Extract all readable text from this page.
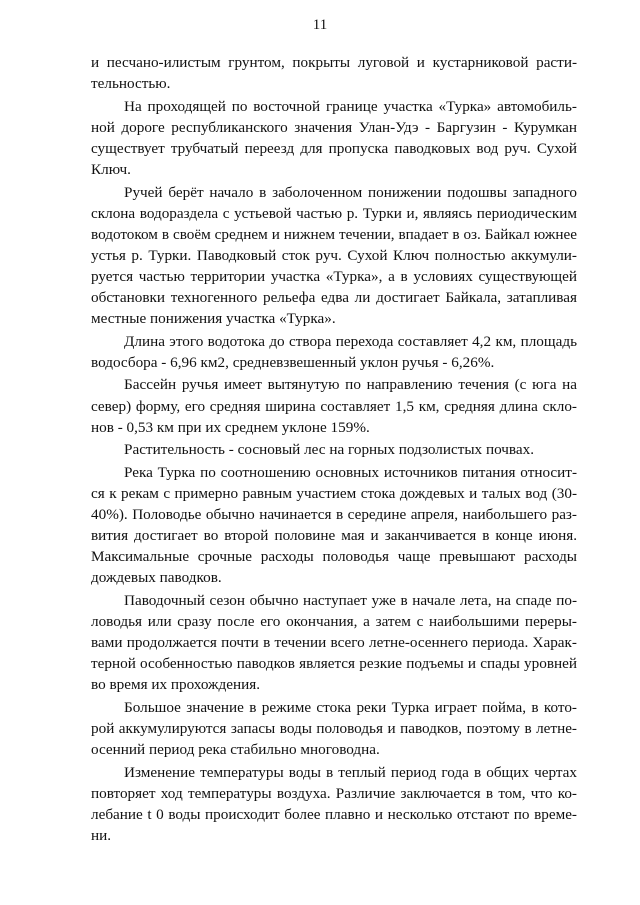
11
и песчано-илистым грунтом, покрыты луговой и кустарниковой расти-
тельностью.
На проходящей по восточной границе участка «Турка» автомобиль-
ной дороге республиканского значения Улан-Удэ - Баргузин - Курумкан
существует трубчатый переезд для пропуска паводковых вод руч. Сухой
Ключ.
Ручей берёт начало в заболоченном понижении подошвы западного
склона водораздела с устьевой частью р. Турки и, являясь периодическим
водотоком в своём среднем и нижнем течении, впадает в оз. Байкал южнее
устья р. Турки. Паводковый сток руч. Сухой Ключ полностью аккумули-
руется частью территории участка «Турка», а в условиях существующей
обстановки техногенного рельефа едва ли достигает Байкала, затапливая
местные понижения участка «Турка».
Длина этого водотока до створа перехода составляет 4,2 км, площадь
водосбора - 6,96 км2, средневзвешенный уклон ручья - 6,26%.
Бассейн ручья имеет вытянутую по направлению течения (с юга на
север) форму, его средняя ширина составляет 1,5 км, средняя длина скло-
нов - 0,53 км при их среднем уклоне 159%.
Растительность - сосновый лес на горных подзолистых почвах.
Река Турка по соотношению основных источников питания относит-
ся к рекам с примерно равным участием стока дождевых и талых вод (30-
40%). Половодье обычно начинается в середине апреля, наибольшего раз-
вития достигает во второй половине мая и заканчивается в конце июня.
Максимальные срочные расходы половодья чаще превышают расходы
дождевых паводков.
Паводочный сезон обычно наступает уже в начале лета, на спаде по-
ловодья или сразу после его окончания, а затем с наибольшими переры-
вами продолжается почти в течении всего летне-осеннего периода. Харак-
терной особенностью паводков является резкие подъемы и спады уровней
во время их прохождения.
Большое значение в режиме стока реки Турка играет пойма, в кото-
рой аккумулируются запасы воды половодья и паводков, поэтому в летне-
осенний период река стабильно многоводна.
Изменение температуры воды в теплый период года в общих чертах
повторяет ход температуры воздуха. Различие заключается в том, что ко-
лебание t 0 воды происходит более плавно и несколько отстают по време-
ни.
